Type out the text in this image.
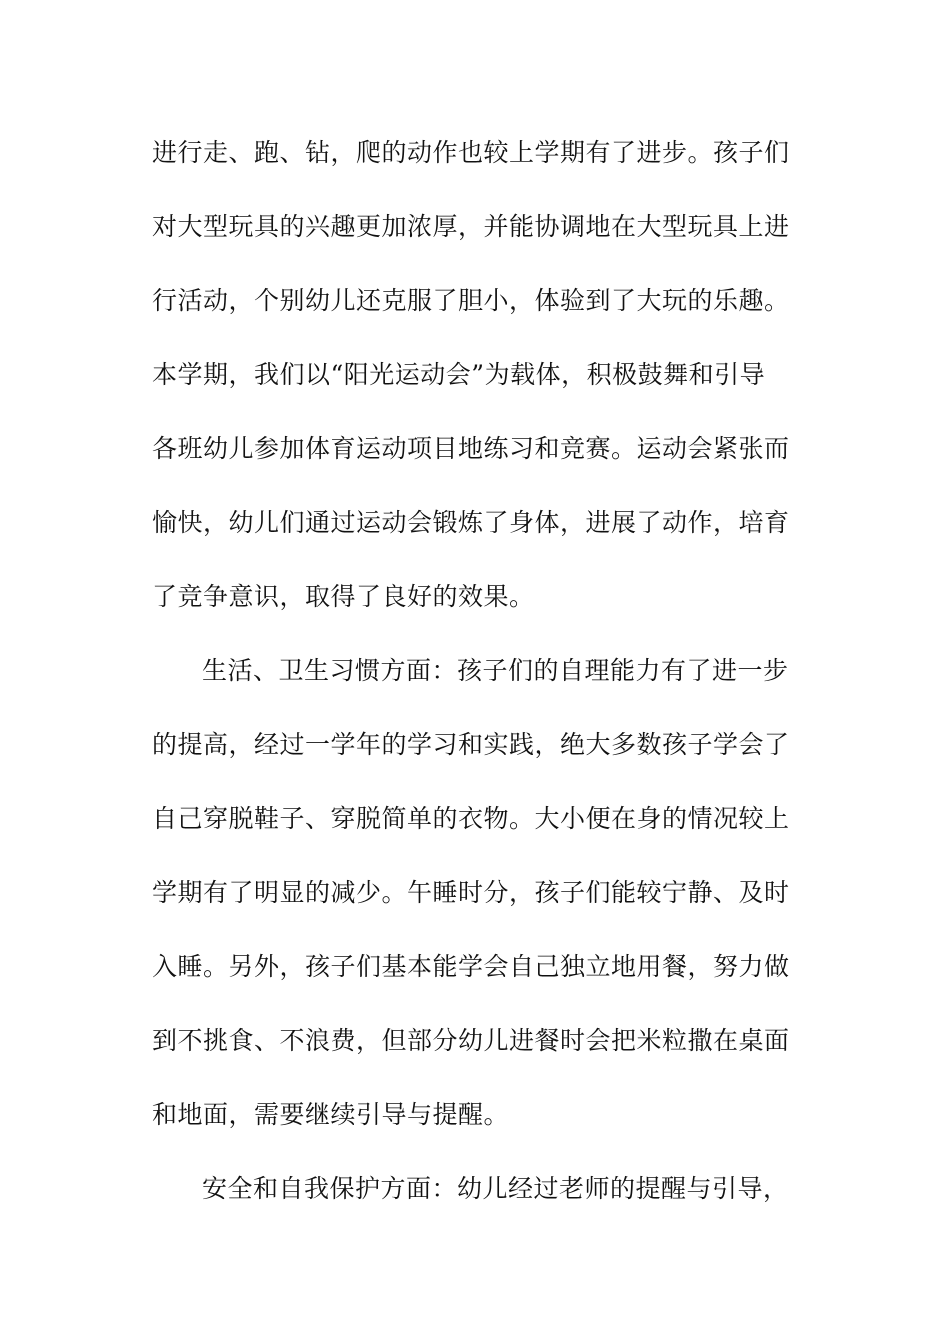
进行走、跑、钻，爬的动作也较上学期有了进步。孩子们
对大型玩具的兴趣更加浓厚，并能协调地在大型玩具上进
行活动，个别幼儿还克服了胆小，体验到了大玩的乐趣。
本学期，我们以“阳光运动会”为载体，积极鼓舞和引导
各班幼儿参加体育运动项目地练习和竞赛。运动会紧张而
愉快，幼儿们通过运动会锻炼了身体，进展了动作，培育
了竞争意识，取得了良好的效果。
生活、卫生习惯方面：孩子们的自理能力有了进一步
的提高，经过一学年的学习和实践，绝大多数孩子学会了
自己穿脱鞋子、穿脱简单的衣物。大小便在身的情况较上
学期有了明显的减少。午睡时分，孩子们能较宁静、及时
入睡。另外，孩子们基本能学会自己独立地用餐，努力做
到不挑食、不浪费，但部分幼儿进餐时会把米粒撒在桌面
和地面，需要继续引导与提醒。
安全和自我保护方面：幼儿经过老师的提醒与引导，
